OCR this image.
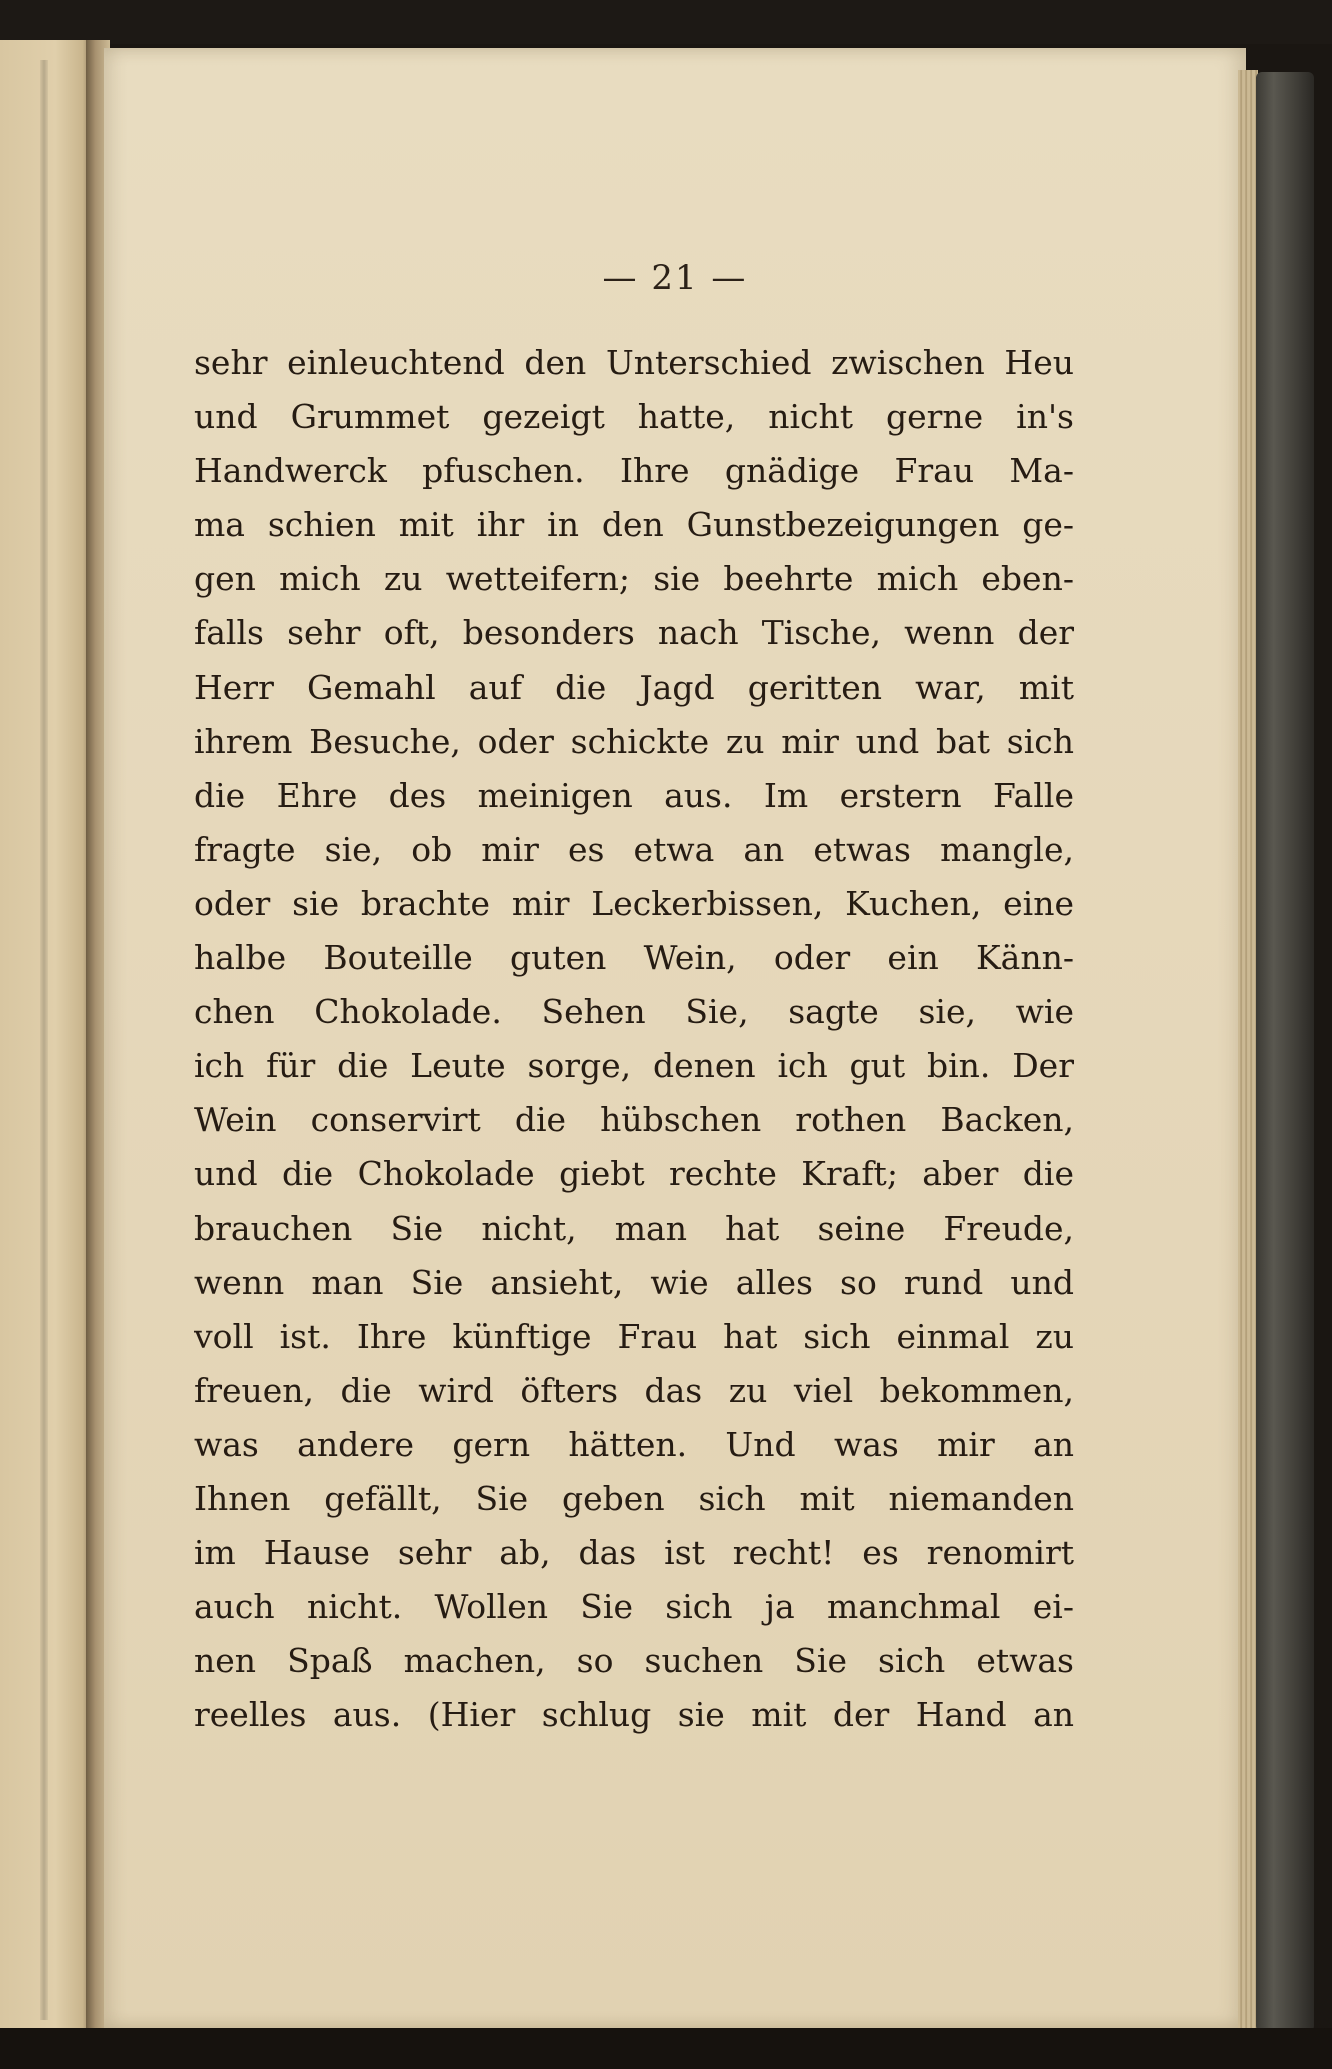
— 21 —
sehr einleuchtend den Unterschied zwischen Heu
und Grummet gezeigt hatte, nicht gerne in's
Handwerck pfuschen. Ihre gnädige Frau Ma-
ma schien mit ihr in den Gunstbezeigungen ge-
gen mich zu wetteifern; sie beehrte mich eben-
falls sehr oft, besonders nach Tische, wenn der
Herr Gemahl auf die Jagd geritten war, mit
ihrem Besuche, oder schickte zu mir und bat sich
die Ehre des meinigen aus. Im erstern Falle
fragte sie, ob mir es etwa an etwas mangle,
oder sie brachte mir Leckerbissen, Kuchen, eine
halbe Bouteille guten Wein, oder ein Känn-
chen Chokolade. Sehen Sie, sagte sie, wie
ich für die Leute sorge, denen ich gut bin. Der
Wein conservirt die hübschen rothen Backen,
und die Chokolade giebt rechte Kraft; aber die
brauchen Sie nicht, man hat seine Freude,
wenn man Sie ansieht, wie alles so rund und
voll ist. Ihre künftige Frau hat sich einmal zu
freuen, die wird öfters das zu viel bekommen,
was andere gern hätten. Und was mir an
Ihnen gefällt, Sie geben sich mit niemanden
im Hause sehr ab, das ist recht! es renomirt
auch nicht. Wollen Sie sich ja manchmal ei-
nen Spaß machen, so suchen Sie sich etwas
reelles aus. (Hier schlug sie mit der Hand an
